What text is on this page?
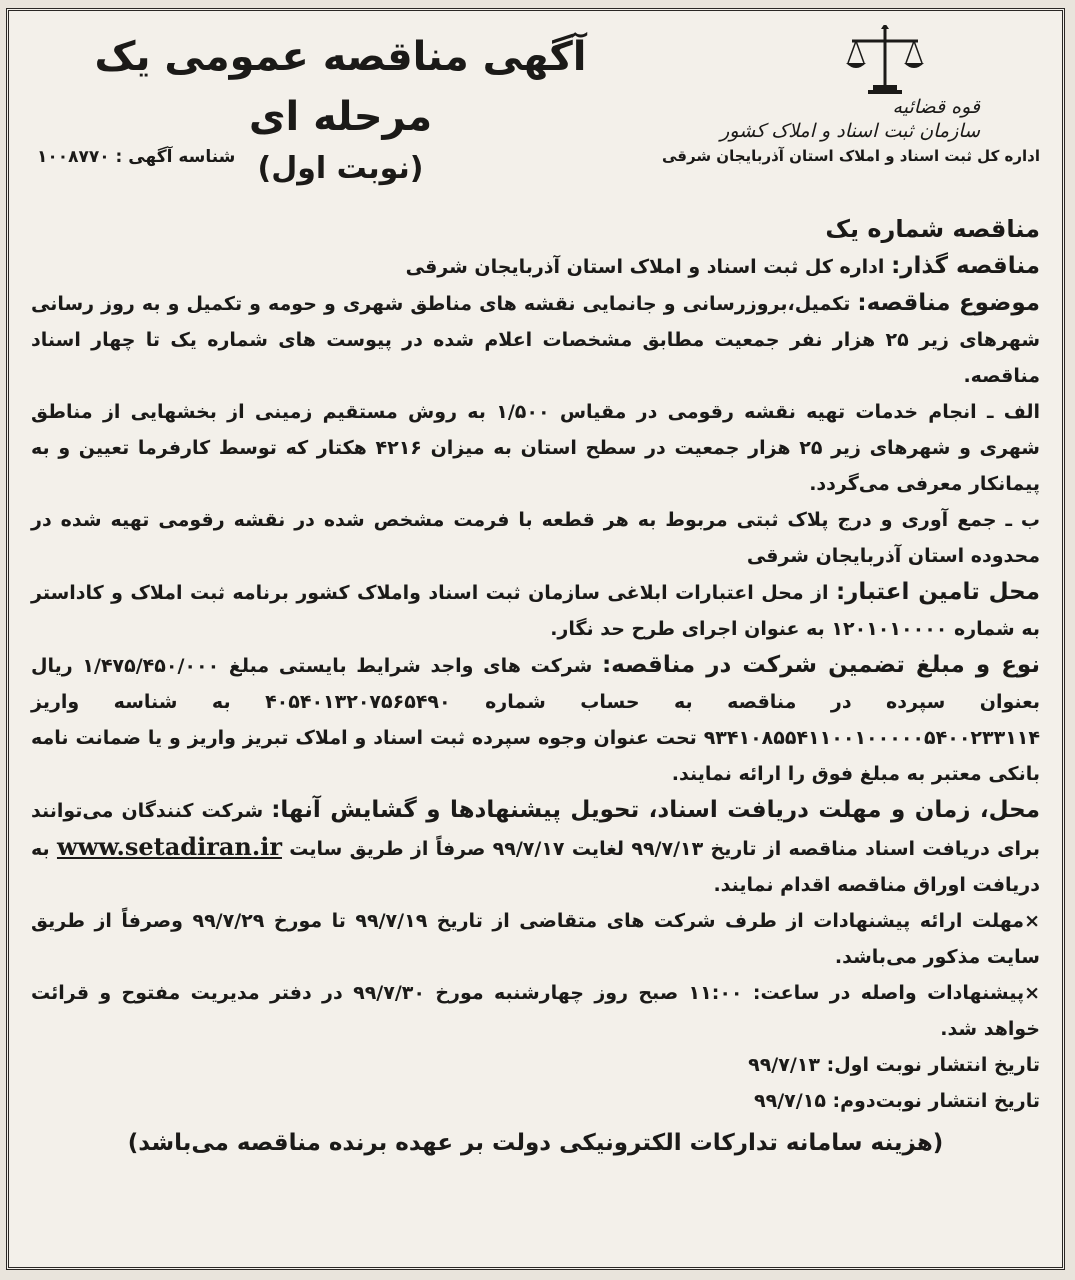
قوه قضائیه
سازمان ثبت اسناد و املاک کشور
اداره کل ثبت اسناد و املاک استان آذربایجان شرقی
آگهی مناقصه عمومی یک مرحله ای
(نوبت اول)
شناسه آگهی : ۱۰۰۸۷۷۰

مناقصه شماره یک

مناقصه گذار: اداره کل ثبت اسناد و املاک استان آذربایجان شرقی

موضوع مناقصه: تکمیل،بروزرسانی و جانمایی نقشه های مناطق شهری و حومه و تکمیل و به روز رسانی شهرهای زیر ۲۵ هزار نفر جمعیت مطابق مشخصات اعلام شده در پیوست های شماره یک تا چهار اسناد مناقصه.

الف ـ انجام خدمات تهیه نقشه رقومی در مقیاس ۱/۵۰۰ به روش مستقیم زمینی از بخشهایی از مناطق شهری و شهرهای زیر ۲۵ هزار جمعیت در سطح استان به میزان ۴۲۱۶ هکتار که توسط کارفرما تعیین و به پیمانکار معرفی می‌گردد.

ب ـ جمع آوری و درج پلاک ثبتی مربوط به هر قطعه با فرمت مشخص شده در نقشه رقومی تهیه شده در محدوده استان آذربایجان شرقی

محل تامین اعتبار: از محل اعتبارات ابلاغی سازمان ثبت اسناد واملاک کشور برنامه ثبت املاک و کاداستر به شماره ۱۲۰۱۰۱۰۰۰۰ به عنوان اجرای طرح حد نگار.

نوع و مبلغ تضمین شرکت در مناقصه: شرکت های واجد شرایط بایستی مبلغ ۱/۴۷۵/۴۵۰/۰۰۰ ریال بعنوان سپرده در مناقصه به حساب شماره ۴۰۵۴۰۱۳۲۰۷۵۶۵۴۹۰ به شناسه واریز ۹۳۴۱۰۸۵۵۴۱۱۰۰۱۰۰۰۰۰۵۴۰۰۲۳۳۱۱۴ تحت عنوان وجوه سپرده ثبت اسناد و املاک تبریز واریز و یا ضمانت نامه بانکی معتبر به مبلغ فوق را ارائه نمایند.

محل، زمان و مهلت دریافت اسناد، تحویل پیشنهادها و گشایش آنها: شرکت کنندگان می‌توانند برای دریافت اسناد مناقصه از تاریخ ۹۹/۷/۱۳ لغایت ۹۹/۷/۱۷ صرفاً از طریق سایت www.setadiran.ir به دریافت اوراق مناقصه اقدام نمایند.

×مهلت ارائه پیشنهادات از طرف شرکت های متقاضی از تاریخ ۹۹/۷/۱۹ تا مورخ ۹۹/۷/۲۹ وصرفاً از طریق سایت مذکور می‌باشد.

×پیشنهادات واصله در ساعت: ۱۱:۰۰ صبح روز چهارشنبه مورخ ۹۹/۷/۳۰ در دفتر مدیریت مفتوح و قرائت خواهد شد.

تاریخ انتشار نوبت اول: ۹۹/۷/۱۳

تاریخ انتشار نوبت‌دوم: ۹۹/۷/۱۵

(هزینه سامانه تدارکات الکترونیکی دولت بر عهده برنده مناقصه می‌باشد)
